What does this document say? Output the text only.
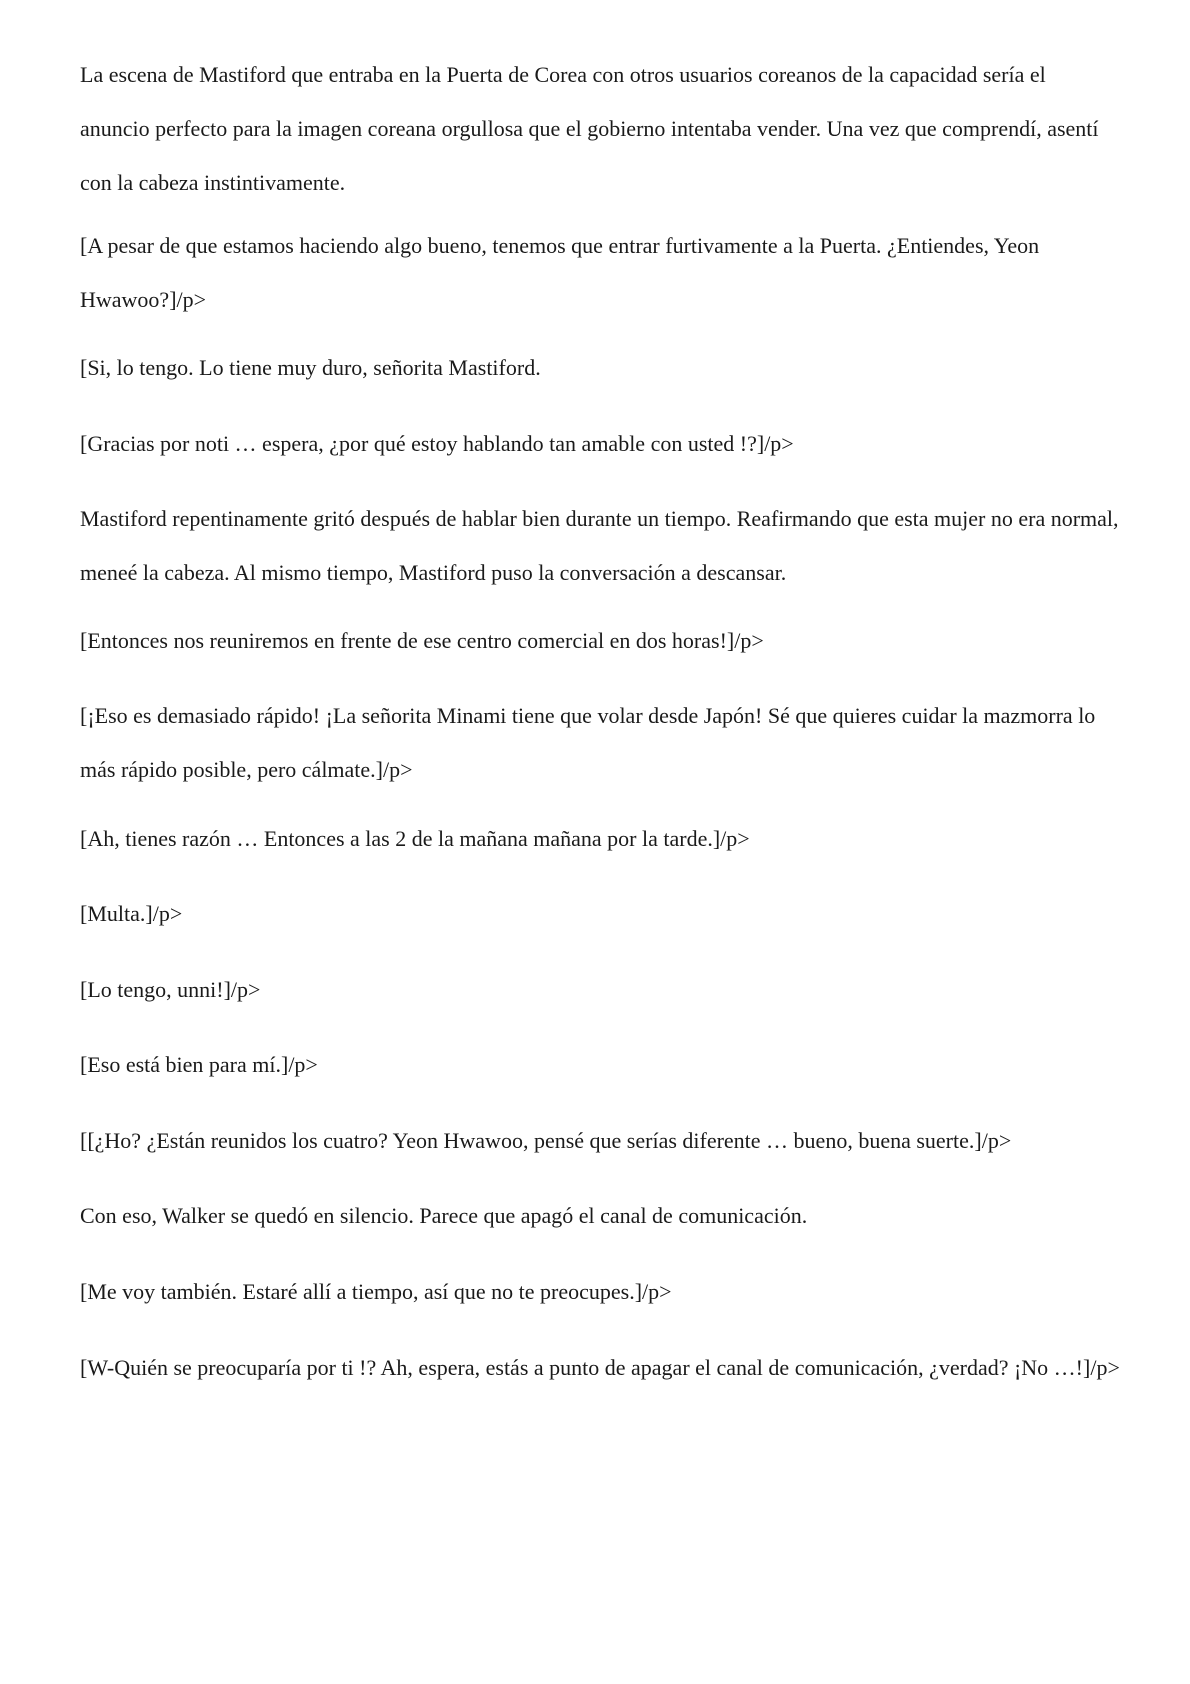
La escena de Mastiford que entraba en la Puerta de Corea con otros usuarios coreanos de la capacidad sería el anuncio perfecto para la imagen coreana orgullosa que el gobierno intentaba vender. Una vez que comprendí, asentí con la cabeza instintivamente.

[A pesar de que estamos haciendo algo bueno, tenemos que entrar furtivamente a la Puerta. ¿Entiendes, Yeon Hwawoo?]/p>

[Si, lo tengo. Lo tiene muy duro, señorita Mastiford.

[Gracias por noti … espera, ¿por qué estoy hablando tan amable con usted !?]/p>

Mastiford repentinamente gritó después de hablar bien durante un tiempo. Reafirmando que esta mujer no era normal, meneé la cabeza. Al mismo tiempo, Mastiford puso la conversación a descansar.

[Entonces nos reuniremos en frente de ese centro comercial en dos horas!]/p>

[¡Eso es demasiado rápido! ¡La señorita Minami tiene que volar desde Japón! Sé que quieres cuidar la mazmorra lo más rápido posible, pero cálmate.]/p>

[Ah, tienes razón … Entonces a las 2 de la mañana mañana por la tarde.]/p>

[Multa.]/p>

[Lo tengo, unni!]/p>

[Eso está bien para mí.]/p>

[[¿Ho? ¿Están reunidos los cuatro? Yeon Hwawoo, pensé que serías diferente … bueno, buena suerte.]/p>

Con eso, Walker se quedó en silencio. Parece que apagó el canal de comunicación.

[Me voy también. Estaré allí a tiempo, así que no te preocupes.]/p>

[W-Quién se preocuparía por ti !? Ah, espera, estás a punto de apagar el canal de comunicación, ¿verdad? ¡No …!]/p>
